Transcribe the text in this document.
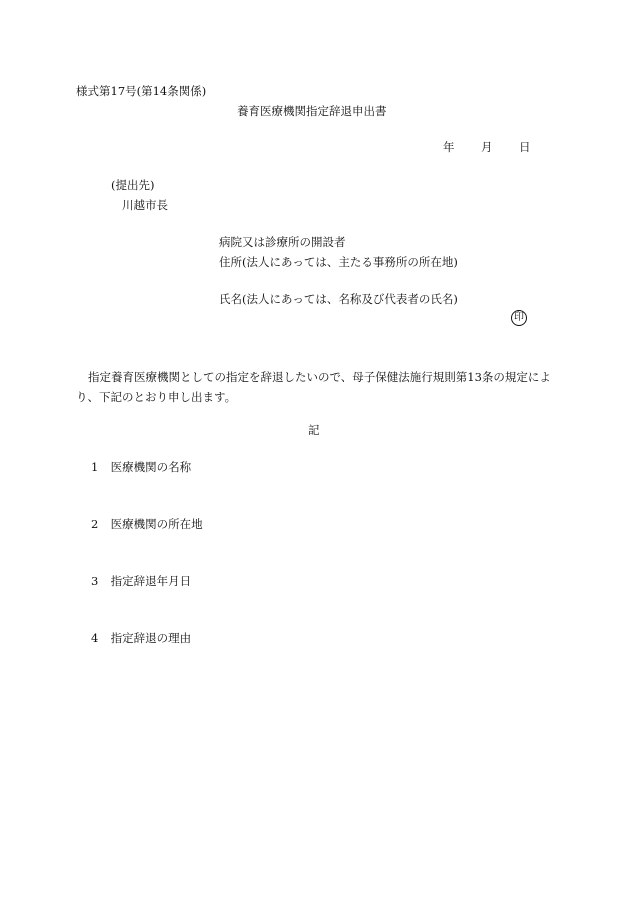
様式第17号(第14条関係)
養育医療機関指定辞退申出書
年 月 日
(提出先)
川越市長
病院又は診療所の開設者
住所(法人にあっては、主たる事務所の所在地)
氏名(法人にあっては、名称及び代表者の氏名)
印
指定養育医療機関としての指定を辞退したいので、母子保健法施行規則第13条の規定により、下記のとおり申し出ます。
記
1 医療機関の名称
2 医療機関の所在地
3 指定辞退年月日
4 指定辞退の理由
